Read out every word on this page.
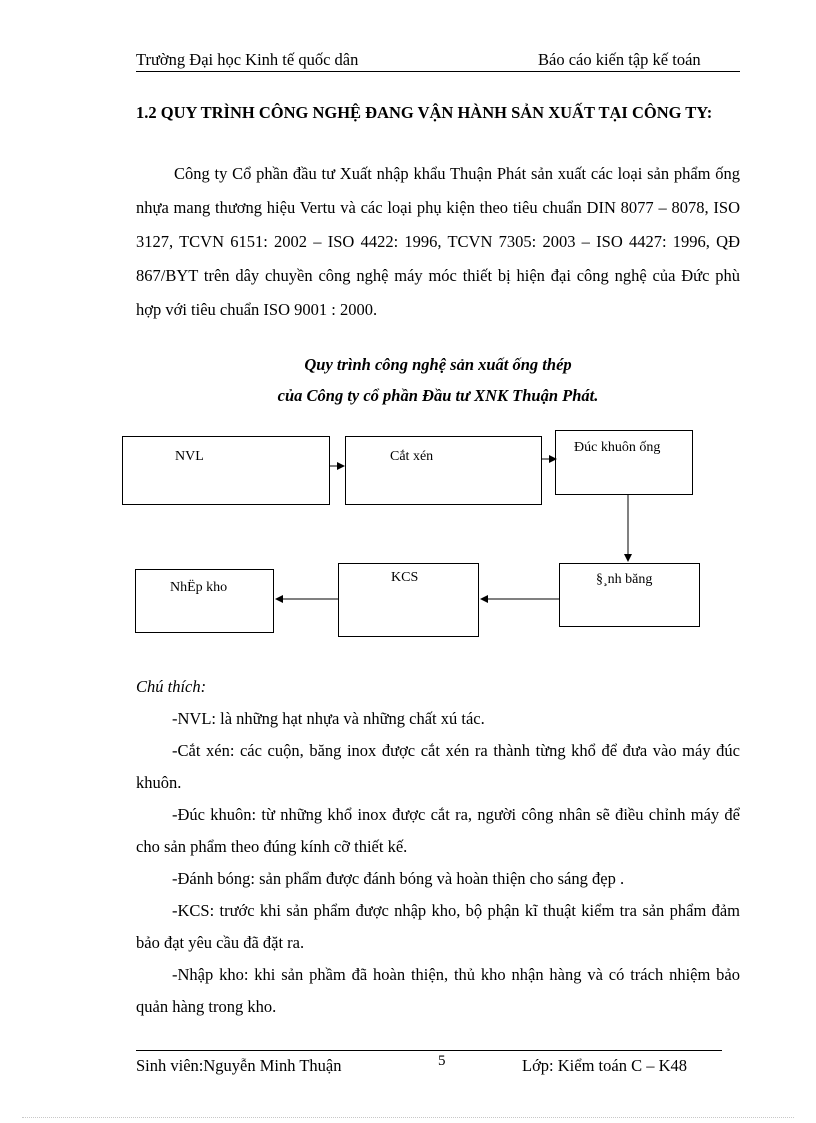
Trường Đại học Kinh tế quốc dân	Báo cáo kiến tập kế toán
1.2 QUY TRÌNH CÔNG NGHỆ ĐANG VẬN HÀNH SẢN XUẤT TẠI CÔNG TY:

Công ty Cổ phần đầu tư Xuất nhập khẩu Thuận Phát sản xuất các loại sản phẩm ống nhựa mang thương hiệu Vertu và các loại phụ kiện theo tiêu chuẩn DIN 8077 – 8078, ISO 3127, TCVN 6151: 2002 – ISO 4422: 1996, TCVN 7305: 2003 – ISO 4427: 1996, QĐ 867/BYT trên dây chuyền công nghệ máy móc thiết bị hiện đại công nghệ của Đức phù hợp với tiêu chuẩn ISO 9001 : 2000.

Quy trình công nghệ sản xuất ống thép
của Công ty cổ phần Đầu tư XNK Thuận Phát.
NVL	Cắt xén
Đúc khuôn ống
§¸nh băng
KCS
NhËp kho
Chú thích:
-NVL: là những hạt nhựa và những chất xú tác.
-Cắt xén: các cuộn, băng inox được cắt xén ra thành từng khổ để đưa vào máy đúc khuôn.
-Đúc khuôn: từ những khổ inox được cắt ra, người công nhân sẽ điều chỉnh máy để cho sản phẩm theo đúng kính cỡ thiết kế.
-Đánh bóng: sản phẩm được đánh bóng và hoàn thiện cho sáng đẹp .
-KCS: trước khi sản phẩm được nhập kho, bộ phận kĩ thuật kiểm tra sản phẩm đảm bảo đạt yêu cầu đã đặt ra.
-Nhập kho: khi sản phầm đã hoàn thiện, thủ kho nhận hàng và có trách nhiệm bảo quản hàng trong kho.
Sinh viên:Nguyễn Minh Thuận	5	Lớp: Kiểm toán C – K48
